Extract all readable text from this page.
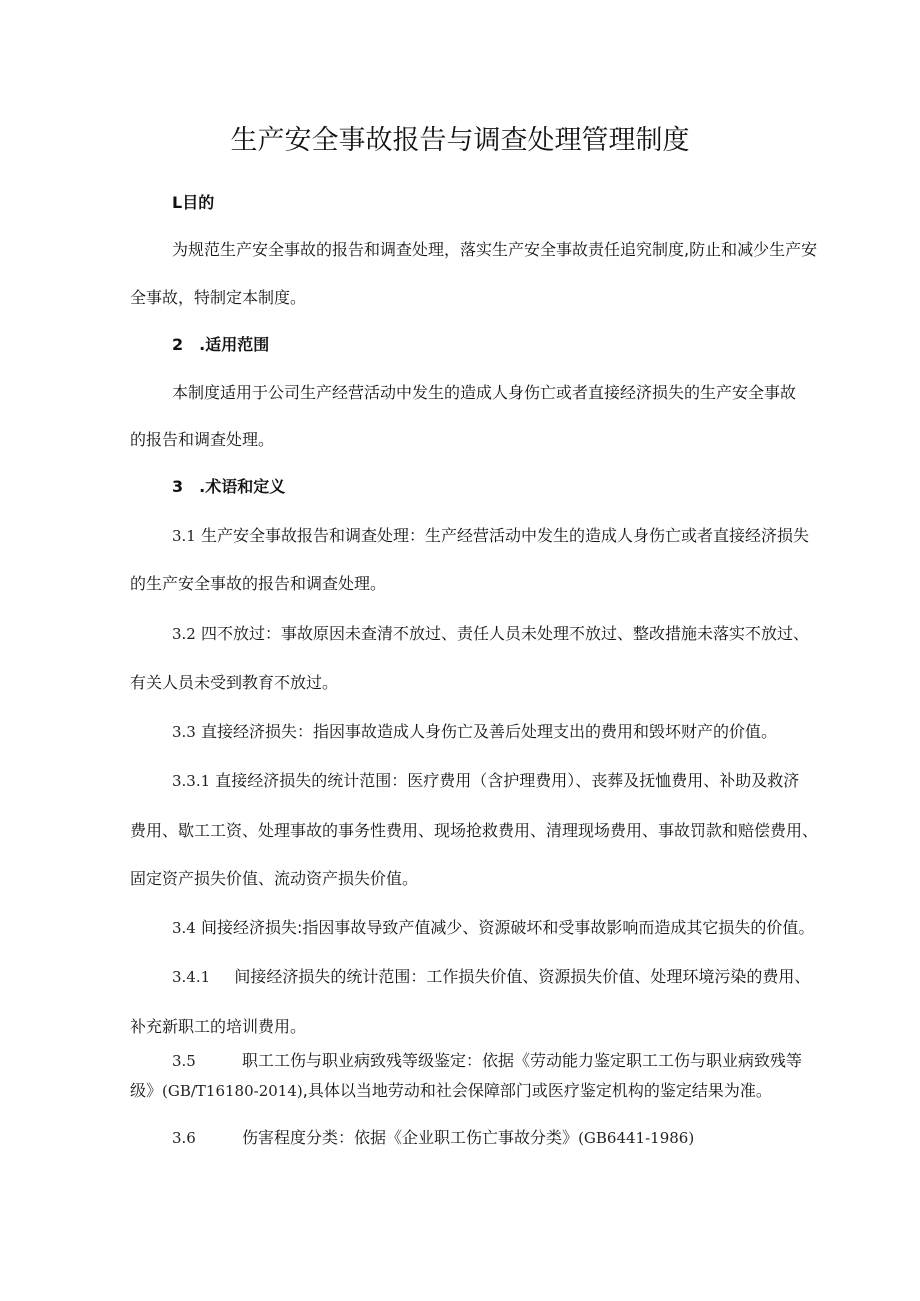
生产安全事故报告与调查处理管理制度
L目的
为规范生产安全事故的报告和调查处理，落实生产安全事故责任追究制度,防止和减少生产安
全事故，特制定本制度。
2　.适用范围
本制度适用于公司生产经营活动中发生的造成人身伤亡或者直接经济损失的生产安全事故
的报告和调查处理。
3　.术语和定义
3.1 生产安全事故报告和调查处理：生产经营活动中发生的造成人身伤亡或者直接经济损失
的生产安全事故的报告和调查处理。
3.2 四不放过：事故原因未查清不放过、责任人员未处理不放过、整改措施未落实不放过、
有关人员未受到教育不放过。
3.3 直接经济损失：指因事故造成人身伤亡及善后处理支出的费用和毁坏财产的价值。
3.3.1 直接经济损失的统计范围：医疗费用（含护理费用）、丧葬及抚恤费用、补助及救济
费用、歇工工资、处理事故的事务性费用、现场抢救费用、清理现场费用、事故罚款和赔偿费用、
固定资产损失价值、流动资产损失价值。
3.4 间接经济损失:指因事故导致产值减少、资源破坏和受事故影响而造成其它损失的价值。
3.4.1 间接经济损失的统计范围：工作损失价值、资源损失价值、处理环境污染的费用、
补充新职工的培训费用。
3.5	职工工伤与职业病致残等级鉴定：依据《劳动能力鉴定职工工伤与职业病致残等
级》(GB/T16180-2014),具体以当地劳动和社会保障部门或医疗鉴定机构的鉴定结果为准。
3.6	伤害程度分类：依据《企业职工伤亡事故分类》(GB6441-1986)
